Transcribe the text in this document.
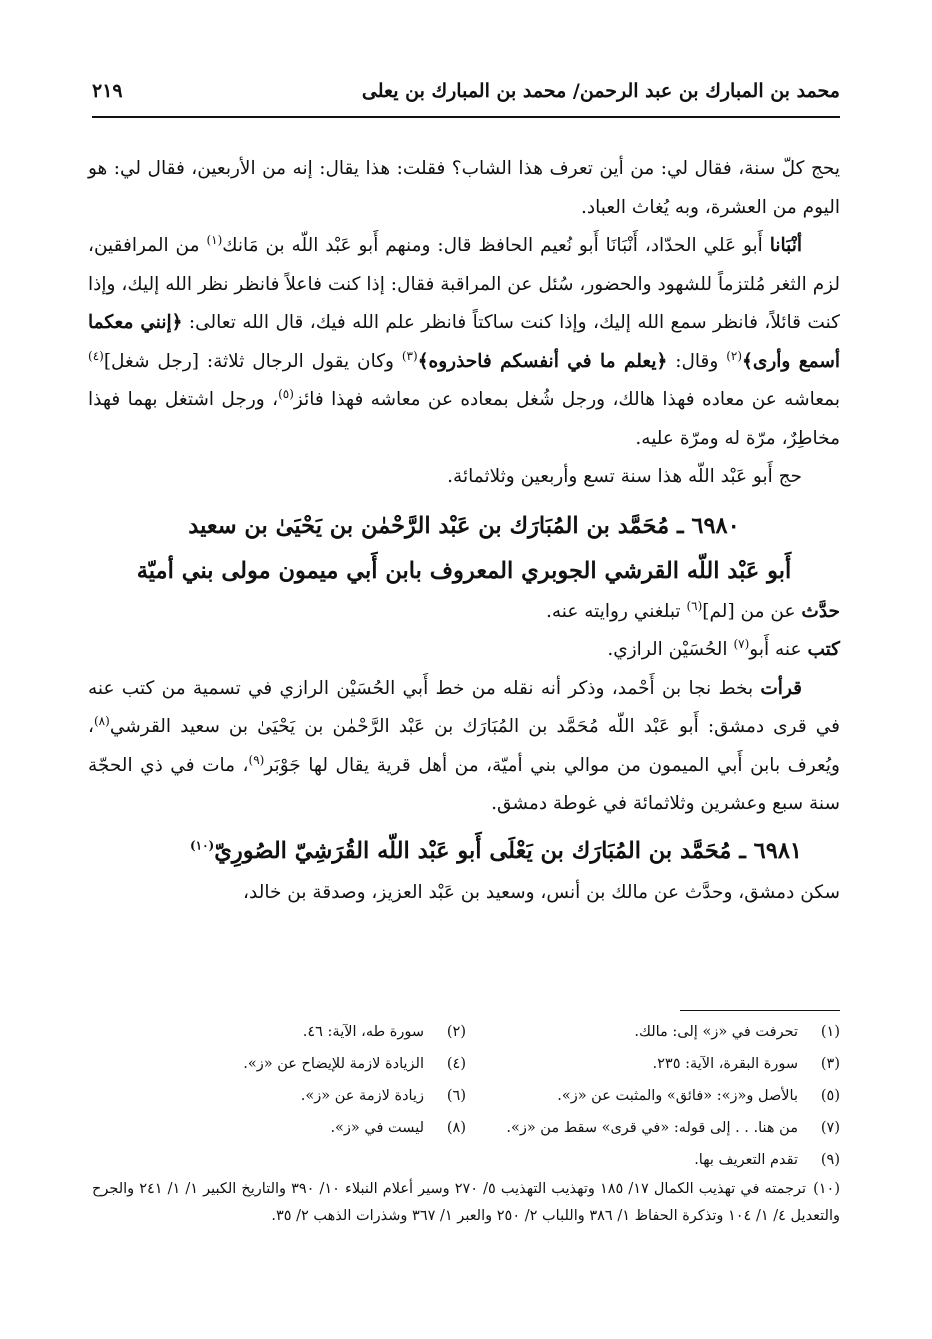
محمد بن المبارك بن عبد الرحمن/ محمد بن المبارك بن يعلى
٢١٩

يحج كلّ سنة، فقال لي: من أين تعرف هذا الشاب؟ فقلت: هذا يقال: إنه من الأربعين، فقال لي: هو اليوم من العشرة، وبه يُغاث العباد.

أنْبَانا أَبو عَلي الحدّاد، أَنْبَانَا أَبو نُعيم الحافظ قال: ومنهم أَبو عَبْد اللّه بن مَانك$^{(١)}$ من المرافقين، لزم الثغر مُلتزماً للشهود والحضور، سُئل عن المراقبة فقال: إذا كنت فاعلاً فانظر نظر الله إليك، وإذا كنت قائلاً، فانظر سمع الله إليك، وإذا كنت ساكتاً فانظر علم الله فيك، قال الله تعالى: ﴿إنني معكما أسمع وأرى﴾$^{(٢)}$ وقال: ﴿يعلم ما في أنفسكم فاحذروه﴾$^{(٣)}$ وكان يقول الرجال ثلاثة: [رجل شغل]$^{(٤)}$ بمعاشه عن معاده فهذا هالك، ورجل شُغل بمعاده عن معاشه فهذا فائز$^{(٥)}$، ورجل اشتغل بهما فهذا مخاطِرٌ، مرّة له ومرّة عليه.

حج أَبو عَبْد اللّه هذا سنة تسع وأربعين وثلاثمائة.

٦٩٨٠ ـ مُحَمَّد بن المُبَارَك بن عَبْد الرَّحْمٰن بن يَحْيَىٰ بن سعيد
أَبو عَبْد اللّه القرشي الجوبري المعروف بابن أَبي ميمون مولى بني أميّة

حدَّث عن من [لم]$^{(٦)}$ تبلغني روايته عنه.

كتب عنه أَبو$^{(٧)}$ الحُسَيْن الرازي.

قرأت بخط نجا بن أَحْمد، وذكر أنه نقله من خط أَبي الحُسَيْن الرازي في تسمية من كتب عنه في قرى دمشق: أَبو عَبْد اللّه مُحَمَّد بن المُبَارَك بن عَبْد الرَّحْمٰن بن يَحْيَىٰ بن سعيد القرشي$^{(٨)}$، ويُعرف بابن أَبي الميمون من موالي بني أميّة، من أهل قرية يقال لها جَوْبَر$^{(٩)}$، مات في ذي الحجّة سنة سبع وعشرين وثلاثمائة في غوطة دمشق.

٦٩٨١ ـ مُحَمَّد بن المُبَارَك بن يَعْلَى أَبو عَبْد اللّه القُرَشِيّ الصُورِيّ$^{(١٠)}$

سكن دمشق، وحدَّث عن مالك بن أنس، وسعيد بن عَبْد العزيز، وصدقة بن خالد،

(١)
تحرفت في «ز» إلى: مالك.
(٢)
سورة طه، الآية: ٤٦.
(٣)
سورة البقرة، الآية: ٢٣٥.
(٤)
الزيادة لازمة للإيضاح عن «ز».
(٥)
بالأصل و«ز»: «فائق» والمثبت عن «ز».
(٦)
زيادة لازمة عن «ز».
(٧)
من هنا. . . إلى قوله: «في قرى» سقط من «ز».
(٨)
ليست في «ز».
(٩)
تقدم التعريف بها.
(١٠)ترجمته في تهذيب الكمال ١٧/ ١٨٥ وتهذيب التهذيب ٥/ ٢٧٠ وسير أعلام النبلاء ١٠/ ٣٩٠ والتاريخ الكبير ١/ ١/ ٢٤١ والجرح والتعديل ٤/ ١/ ١٠٤ وتذكرة الحفاظ ١/ ٣٨٦ واللباب ٢/ ٢٥٠ والعبر ١/ ٣٦٧ وشذرات الذهب ٢/ ٣٥.
